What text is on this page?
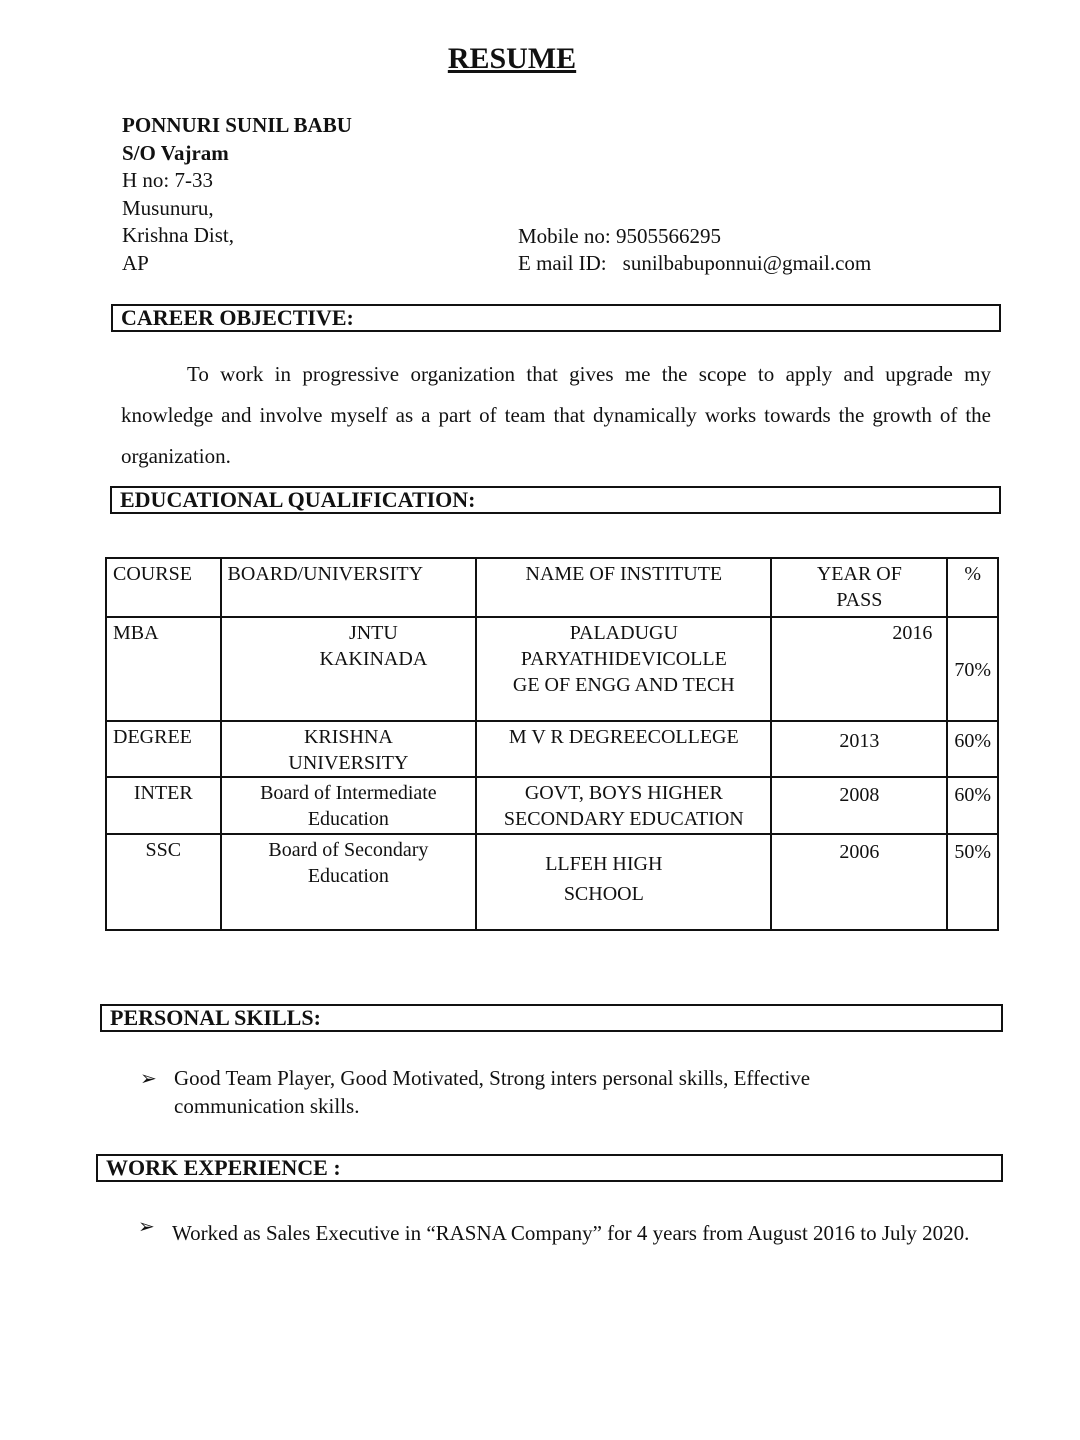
RESUME
PONNURI SUNIL BABU
S/O Vajram
H no: 7-33
Musunuru,
Krishna Dist,
AP
Mobile no: 9505566295
E mail ID: sunilbabuponnui@gmail.com
CAREER OBJECTIVE:
To work in progressive organization that gives me the scope to apply and upgrade my knowledge and involve myself as a part of team that dynamically works towards the growth of the organization.
EDUCATIONAL QUALIFICATION:
COURSE	BOARD/UNIVERSITY	NAME OF INSTITUTE	YEAR OF PASS	%
MBA	JNTU KAKINADA	PALADUGU PARYATHIDEVICOLLE GE OF ENGG AND TECH	2016	70%
DEGREE	KRISHNA UNIVERSITY	M V R DEGREECOLLEGE	2013	60%
INTER	Board of Intermediate Education	GOVT, BOYS HIGHER SECONDARY EDUCATION	2008	60%
SSC	Board of Secondary Education	LLFEH HIGH SCHOOL	2006	50%
PERSONAL SKILLS:
➢ Good Team Player, Good Motivated, Strong inters personal skills, Effective communication skills.
WORK EXPERIENCE :
➢ Worked as Sales Executive in “RASNA Company” for 4 years from August 2016 to July 2020.
